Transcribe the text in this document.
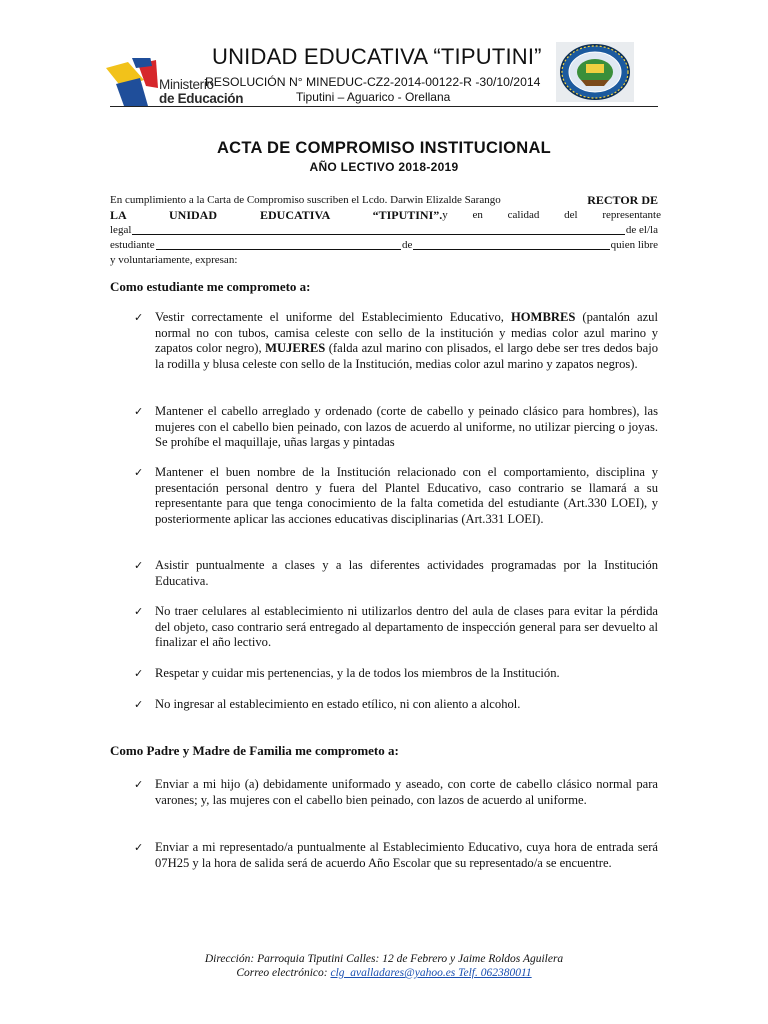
Ministerio
de Educación
UNIDAD EDUCATIVA “TIPUTINI”
RESOLUCIÓN N° MINEDUC-CZ2-2014-00122-R -30/10/2014
Tiputini – Aguarico - Orellana
ACTA DE COMPROMISO INSTITUCIONAL
AÑO LECTIVO 2018-2019
En cumplimiento a la Carta de Compromiso suscriben el Lcdo. Darwin Elizalde Sarango	RECTOR DE
LA UNIDAD EDUCATIVA “TIPUTINI”. y en calidad del representante
legal	de el/la
estudiante	de	quien libre
y voluntariamente, expresan:
Como estudiante me comprometo a:
✓ Vestir correctamente el uniforme del Establecimiento Educativo, HOMBRES (pantalón azul normal no con tubos, camisa celeste con sello de la institución y medias color azul marino y zapatos color negro), MUJERES (falda azul marino con plisados, el largo debe ser tres dedos bajo la rodilla y blusa celeste con sello de la Institución, medias color azul marino y zapatos negros).
✓ Mantener el cabello arreglado y ordenado (corte de cabello y peinado clásico para hombres), las mujeres con el cabello bien peinado, con lazos de acuerdo al uniforme, no utilizar piercing o joyas. Se prohíbe el maquillaje, uñas largas y pintadas
✓ Mantener el buen nombre de la Institución relacionado con el comportamiento, disciplina y presentación personal dentro y fuera del Plantel Educativo, caso contrario se llamará a su representante para que tenga conocimiento de la falta cometida del estudiante (Art.330 LOEI), y posteriormente aplicar las acciones educativas disciplinarias (Art.331 LOEI).
✓ Asistir puntualmente a clases y a las diferentes actividades programadas por la Institución Educativa.
✓ No traer celulares al establecimiento ni utilizarlos dentro del aula de clases para evitar la pérdida del objeto, caso contrario será entregado al departamento de inspección general para ser devuelto al finalizar el año lectivo.
✓ Respetar y cuidar mis pertenencias, y la de todos los miembros de la Institución.
✓ No ingresar al establecimiento en estado etílico, ni con aliento a alcohol.
Como Padre y Madre de Familia me comprometo a:
✓ Enviar a mi hijo (a) debidamente uniformado y aseado, con corte de cabello clásico normal para varones; y, las mujeres con el cabello bien peinado, con lazos de acuerdo al uniforme.
✓ Enviar a mi representado/a puntualmente al Establecimiento Educativo, cuya hora de entrada será 07H25 y la hora de salida será de acuerdo Año Escolar que su representado/a se encuentre.
Dirección: Parroquia Tiputini Calles: 12 de Febrero y Jaime Roldos Aguilera
Correo electrónico: clg_avalladares@yahoo.es Telf. 062380011
